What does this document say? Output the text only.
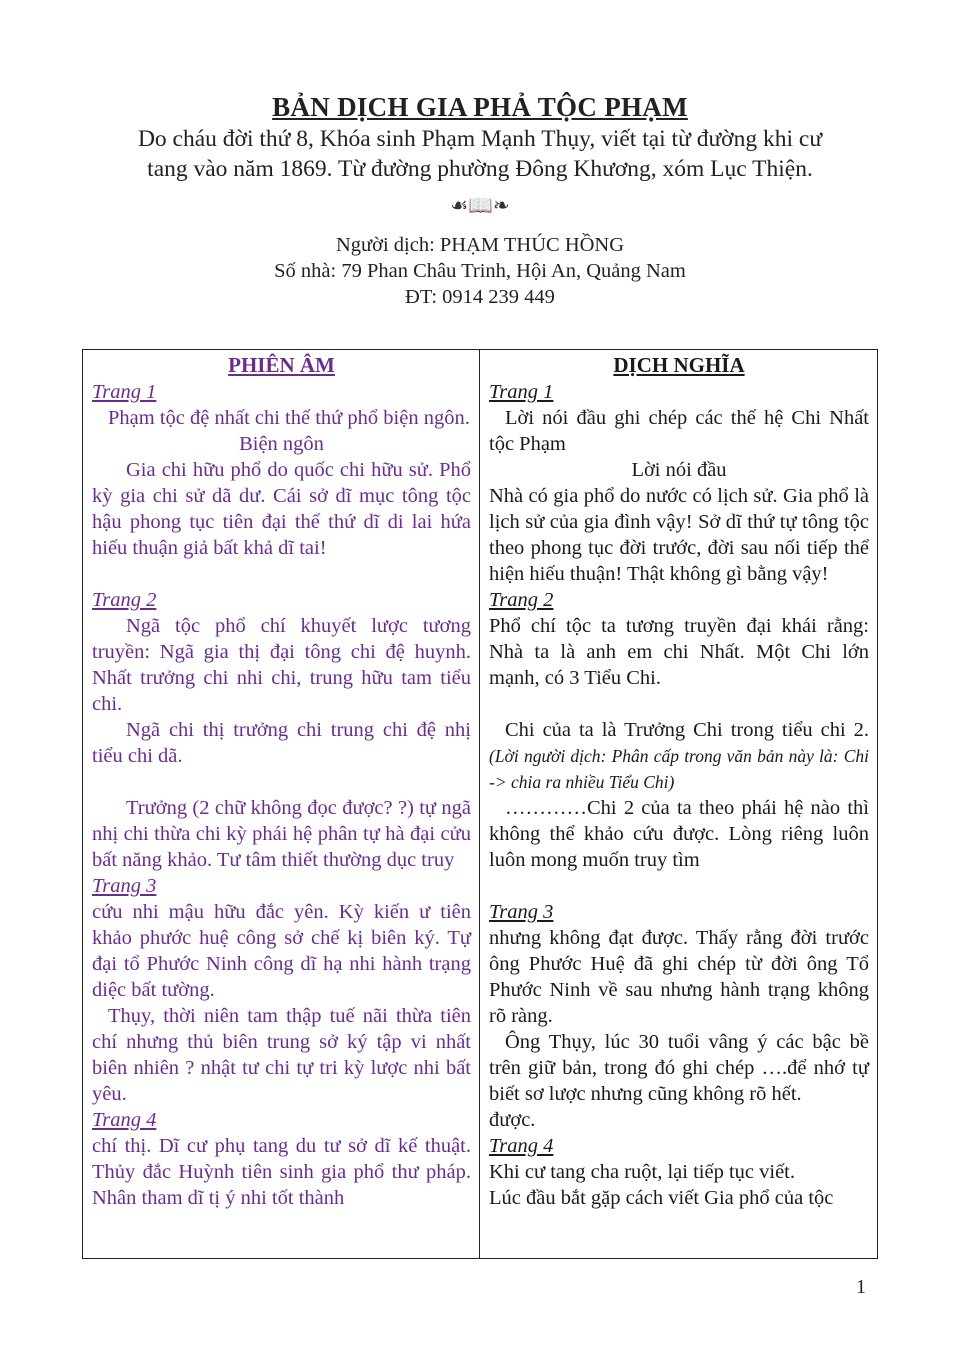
BẢN DỊCH GIA PHẢ TỘC PHẠM
Do cháu đời thứ 8, Khóa sinh Phạm Mạnh Thụy, viết tại từ đường khi cư
tang vào năm 1869. Từ đường phường Đông Khương, xóm Lục Thiện.
☙📖❧
Người dịch: PHẠM THÚC HỒNG
Số nhà: 79 Phan Châu Trinh, Hội An, Quảng Nam
ĐT: 0914 239 449
PHIÊN ÂM
Trang 1
Phạm tộc đệ nhất chi thế thứ phổ biện ngôn.
Biện ngôn
Gia chi hữu phổ do quốc chi hữu sử. Phổ kỳ gia chi sử dã dư. Cái sở dĩ mục tông tộc hậu phong tục tiên đại thế thứ dĩ di lai hứa hiếu thuận giả bất khả dĩ tai!
Trang 2
Ngã tộc phổ chí khuyết lược tương truyền: Ngã gia thị đại tông chi đệ huynh. Nhất trưởng chi nhi chi, trung hữu tam tiểu chi.
Ngã chi thị trưởng chi trung chi đệ nhị tiểu chi dã.
Trưởng (2 chữ không đọc được? ?) tự ngã nhị chi thừa chi kỳ phái hệ phân tự hà đại cửu bất năng khảo. Tư tâm thiết thường dục truy
Trang 3
cứu nhi mậu hữu đắc yên. Kỳ kiến ư tiên khảo phước huệ công sở chế kị biên ký. Tự đại tổ Phước Ninh công dĩ hạ nhi hành trạng diệc bất tường.
Thụy, thời niên tam thập tuế nãi thừa tiên chí nhưng thủ biên trung sở ký tập vi nhất biên nhiên ? nhật tư chi tự tri kỳ lược nhi bất yêu.
Trang 4
chí thị. Dĩ cư phụ tang du tư sở dĩ kế thuật. Thủy đắc Huỳnh tiên sinh gia phổ thư pháp. Nhân tham dĩ tị ý nhi tốt thành
DỊCH NGHĨA
Trang 1
Lời nói đầu ghi chép các thế hệ Chi Nhất tộc Phạm
Lời nói đầu
Nhà có gia phổ do nước có lịch sử. Gia phổ là lịch sử của gia đình vậy! Sở dĩ thứ tự tông tộc theo phong tục đời trước, đời sau nối tiếp thể hiện hiếu thuận! Thật không gì bằng vậy!
Trang 2
Phổ chí tộc ta tương truyền đại khái rằng: Nhà ta là anh em chi Nhất. Một Chi lớn mạnh, có 3 Tiểu Chi.
Chi của ta là Trưởng Chi trong tiểu chi 2. (Lời người dịch: Phân cấp trong văn bản này là: Chi -> chia ra nhiều Tiểu Chi)
…………Chi 2 của ta theo phái hệ nào thì không thể khảo cứu được. Lòng riêng luôn luôn mong muốn truy tìm
Trang 3
nhưng không đạt được. Thấy rằng đời trước ông Phước Huệ đã ghi chép từ đời ông Tổ Phước Ninh về sau nhưng hành trạng không rõ ràng.
Ông Thụy, lúc 30 tuổi vâng ý các bậc bề trên giữ bản, trong đó ghi chép ….để nhớ tự biết sơ lược nhưng cũng không rõ hết.
được.
Trang 4
Khi cư tang cha ruột, lại tiếp tục viết.
Lúc đầu bắt gặp cách viết Gia phổ của tộc
1
